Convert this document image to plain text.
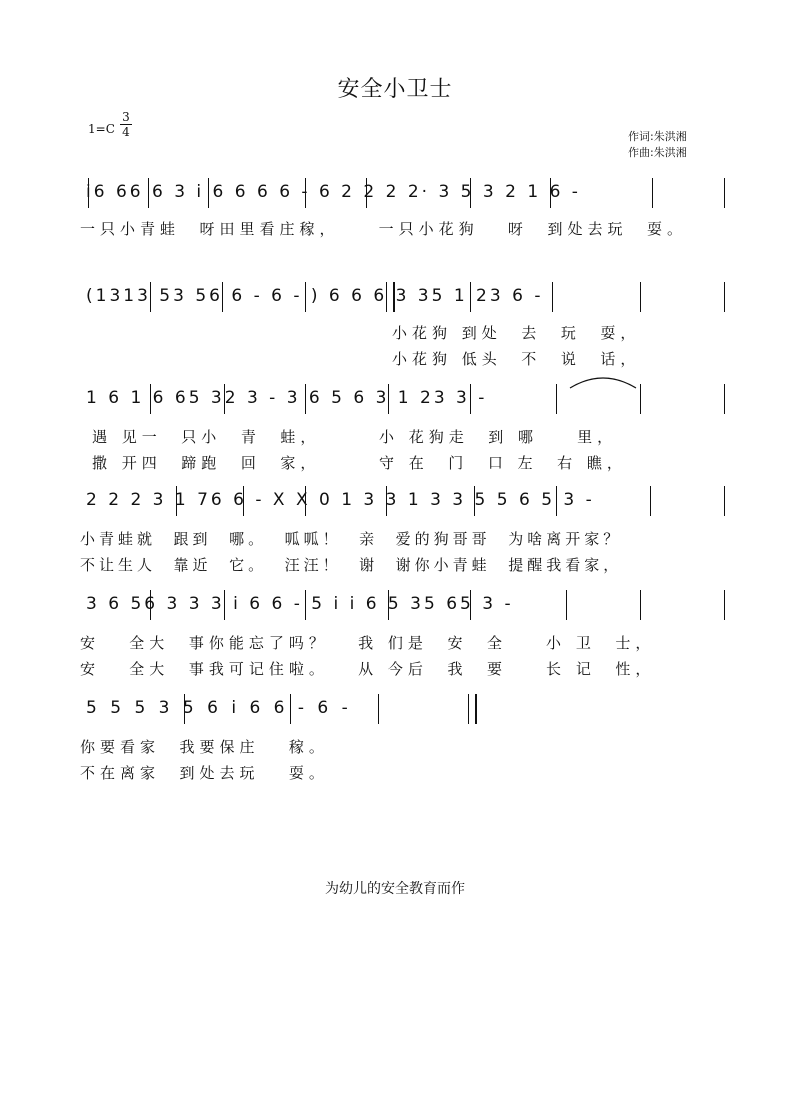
安全小卫士
$1=C \frac{3}{4}$	作词:朱洪湘
作曲:朱洪湘
i6 66 6 3 i 6 6 6 6 - 6 2 2 2 2· 3 5 3 2 1 6 -
一只小青蛙  呀田里看庄稼，    一只小花狗   呀  到处去玩  耍。
(1313 53 56 6 - 6 - ) 6 6 6 3 35 1 23 6 -
小花狗 到处  去  玩  耍，
小花狗 低头  不  说  话，
1 6 1 6 65 32 3 - 3 6 5 6 3 1 23 3 -
遇 见一  只小  青  蛙，      小 花狗走  到 哪    里，
撒 开四  蹄跑  回  家，      守 在  门  口 左  右 瞧，
2 2 2 3 1 76 6 - X X 0 1 3 3 1 3 3 5 5 6 5 3 -
小青蛙就  跟到  哪。  呱呱！  亲  爱的狗哥哥  为啥离开家？
不让生人  靠近  它。  汪汪！  谢  谢你小青蛙  提醒我看家，
3 6 56 3 3 3 i 6 6 - 5 i i 6 5 35 65 3 -
安   全大  事你能忘了吗？   我 们是  安  全    小 卫  士，
安   全大  事我可记住啦。   从 今后  我  要    长 记  性，
5 5 5 3 5 6 i 6 6 - 6 -
你要看家  我要保庄   稼。
不在离家  到处去玩   耍。
为幼儿的安全教育而作
